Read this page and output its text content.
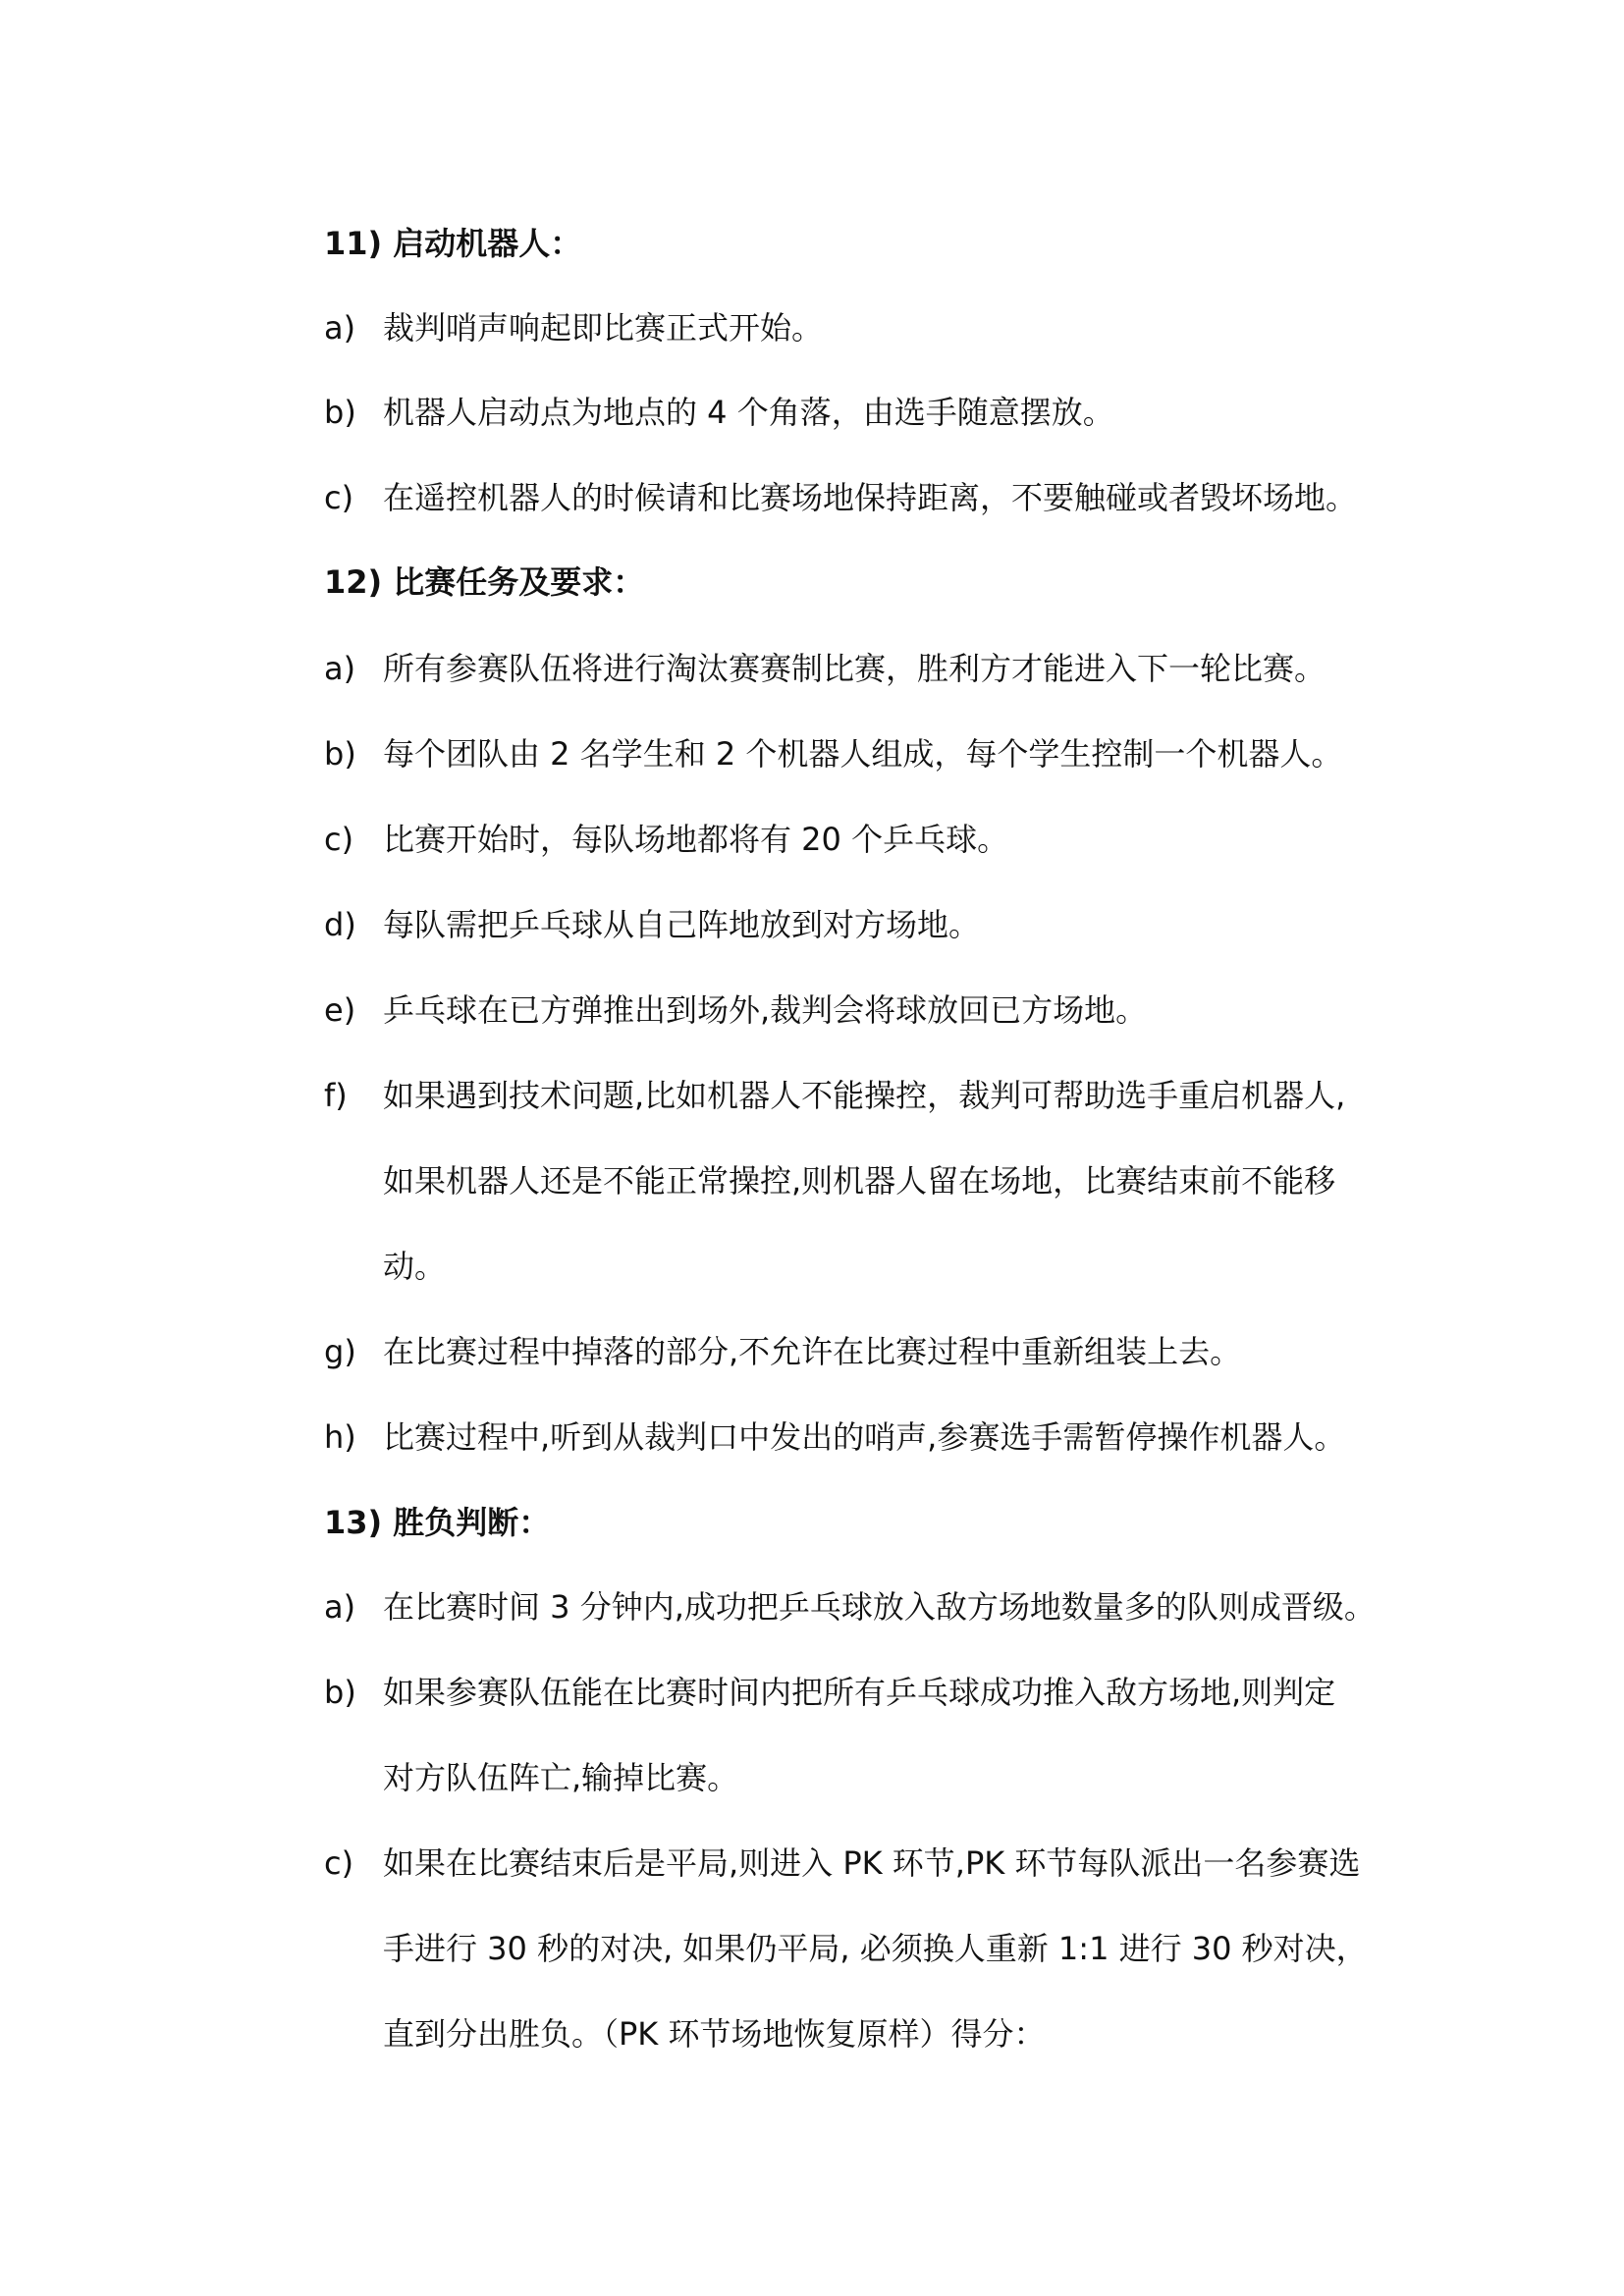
11) 启动机器人：
a) 裁判哨声响起即比赛正式开始。
b) 机器人启动点为地点的 4 个角落，由选手随意摆放。
c) 在遥控机器人的时候请和比赛场地保持距离，不要触碰或者毁坏场地。
12) 比赛任务及要求：
a) 所有参赛队伍将进行淘汰赛赛制比赛，胜利方才能进入下一轮比赛。
b) 每个团队由 2 名学生和 2 个机器人组成，每个学生控制一个机器人。
c) 比赛开始时，每队场地都将有 20 个乒乓球。
d) 每队需把乒乓球从自己阵地放到对方场地。
e) 乒乓球在已方弹推出到场外,裁判会将球放回已方场地。
f)	如果遇到技术问题,比如机器人不能操控，裁判可帮助选手重启机器人,
如果机器人还是不能正常操控,则机器人留在场地，比赛结束前不能移
动。
g) 在比赛过程中掉落的部分,不允许在比赛过程中重新组装上去。
h) 比赛过程中,听到从裁判口中发出的哨声,参赛选手需暂停操作机器人。
13) 胜负判断：
a) 在比赛时间 3 分钟内,成功把乒乓球放入敌方场地数量多的队则成晋级。
b) 如果参赛队伍能在比赛时间内把所有乒乓球成功推入敌方场地,则判定
对方队伍阵亡,输掉比赛。
c) 如果在比赛结束后是平局,则进入 PK 环节,PK 环节每队派出一名参赛选
手进行 30 秒的对决, 如果仍平局, 必须换人重新 1:1 进行 30 秒对决，
直到分出胜负。（PK 环节场地恢复原样）得分：
